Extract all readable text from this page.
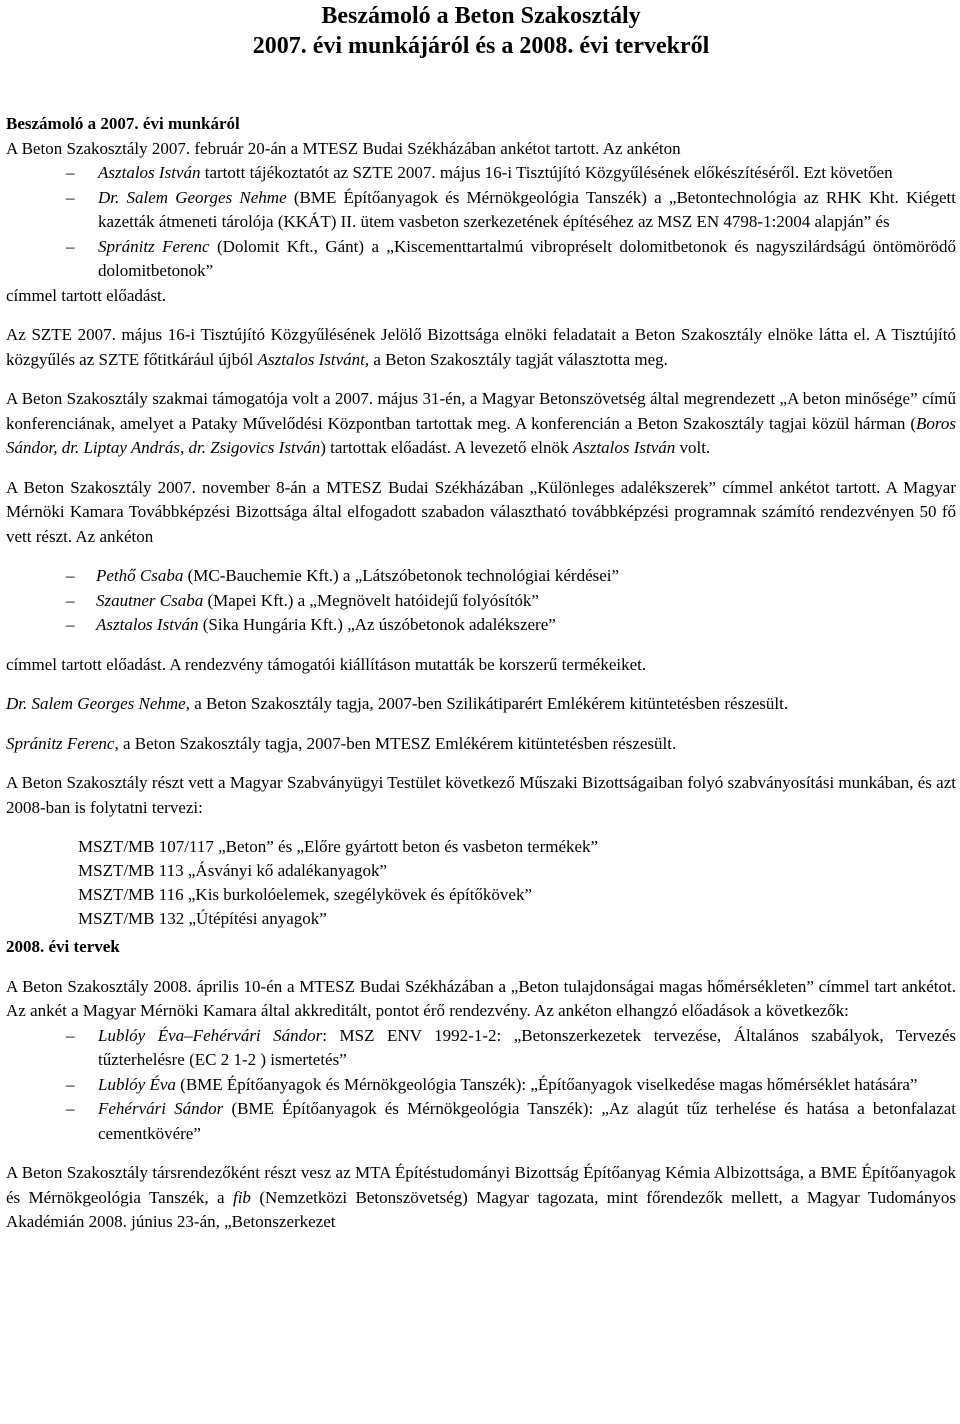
Beszámoló a Beton Szakosztály
2007. évi munkájáról és a 2008. évi tervekről

Beszámoló a 2007. évi munkáról

A Beton Szakosztály 2007. február 20-án a MTESZ Budai Székházában ankétot tartott. Az ankéton

– Asztalos István tartott tájékoztatót az SZTE 2007. május 16-i Tisztújító Közgyűlésének előkészítéséről. Ezt követően
– Dr. Salem Georges Nehme (BME Építőanyagok és Mérnökgeológia Tanszék) a „Betontechnológia az RHK Kht. Kiégett kazetták átmeneti tárolója (KKÁT) II. ütem vasbeton szerkezetének építéséhez az MSZ EN 4798-1:2004 alapján” és
– Spránitz Ferenc (Dolomit Kft., Gánt) a „Kiscementtartalmú vibropréselt dolomitbetonok és nagyszilárdságú öntömörödő dolomitbetonok”

címmel tartott előadást.

Az SZTE 2007. május 16-i Tisztújító Közgyűlésének Jelölő Bizottsága elnöki feladatait a Beton Szakosztály elnöke látta el. A Tisztújító közgyűlés az SZTE főtitkárául újból Asztalos Istvánt, a Beton Szakosztály tagját választotta meg.

A Beton Szakosztály szakmai támogatója volt a 2007. május 31-én, a Magyar Betonszövetség által megrendezett „A beton minősége” című konferenciának, amelyet a Pataky Művelődési Központban tartottak meg. A konferencián a Beton Szakosztály tagjai közül hárman (Boros Sándor, dr. Liptay András, dr. Zsigovics István) tartottak előadást. A levezető elnök Asztalos István volt.

A Beton Szakosztály 2007. november 8-án a MTESZ Budai Székházában „Különleges adalékszerek” címmel ankétot tartott. A Magyar Mérnöki Kamara Továbbképzési Bizottsága által elfogadott szabadon választható továbbképzési programnak számító rendezvényen 50 fő vett részt. Az ankéton

– Pethő Csaba (MC-Bauchemie Kft.) a „Látszóbetonok technológiai kérdései”
– Szautner Csaba (Mapei Kft.) a „Megnövelt hatóidejű folyósítók”
– Asztalos István (Sika Hungária Kft.) „Az úszóbetonok adalékszere”

címmel tartott előadást. A rendezvény támogatói kiállításon mutatták be korszerű termékeiket.

Dr. Salem Georges Nehme, a Beton Szakosztály tagja, 2007-ben Szilikátiparért Emlékérem kitüntetésben részesült.

Spránitz Ferenc, a Beton Szakosztály tagja, 2007-ben MTESZ Emlékérem kitüntetésben részesült.

A Beton Szakosztály részt vett a Magyar Szabványügyi Testület következő Műszaki Bizottságaiban folyó szabványosítási munkában, és azt 2008-ban is folytatni tervezi:

MSZT/MB 107/117 „Beton” és „Előre gyártott beton és vasbeton termékek”
MSZT/MB 113 „Ásványi kő adalékanyagok”
MSZT/MB 116 „Kis burkolóelemek, szegélykövek és építőkövek”
MSZT/MB 132 „Útépítési anyagok”

2008. évi tervek

A Beton Szakosztály 2008. április 10-én a MTESZ Budai Székházában a „Beton tulajdonságai magas hőmérsékleten” címmel tart ankétot. Az ankét a Magyar Mérnöki Kamara által akkreditált, pontot érő rendezvény. Az ankéton elhangzó előadások a következők:

– Lublóy Éva–Fehérvári Sándor: MSZ ENV 1992-1-2: „Betonszerkezetek tervezése, Általános szabályok, Tervezés tűzterhelésre (EC 2 1-2 ) ismertetés”
– Lublóy Éva (BME Építőanyagok és Mérnökgeológia Tanszék): „Építőanyagok viselkedése magas hőmérséklet hatására”
– Fehérvári Sándor (BME Építőanyagok és Mérnökgeológia Tanszék): „Az alagút tűz terhelése és hatása a betonfalazat cementkövére”

A Beton Szakosztály társrendezőként részt vesz az MTA Építéstudományi Bizottság Építőanyag Kémia Albizottsága, a BME Építőanyagok és Mérnökgeológia Tanszék, a fib (Nemzetközi Betonszövetség) Magyar tagozata, mint főrendezők mellett, a Magyar Tudományos Akadémián 2008. június 23-án, „Betonszerkezet
